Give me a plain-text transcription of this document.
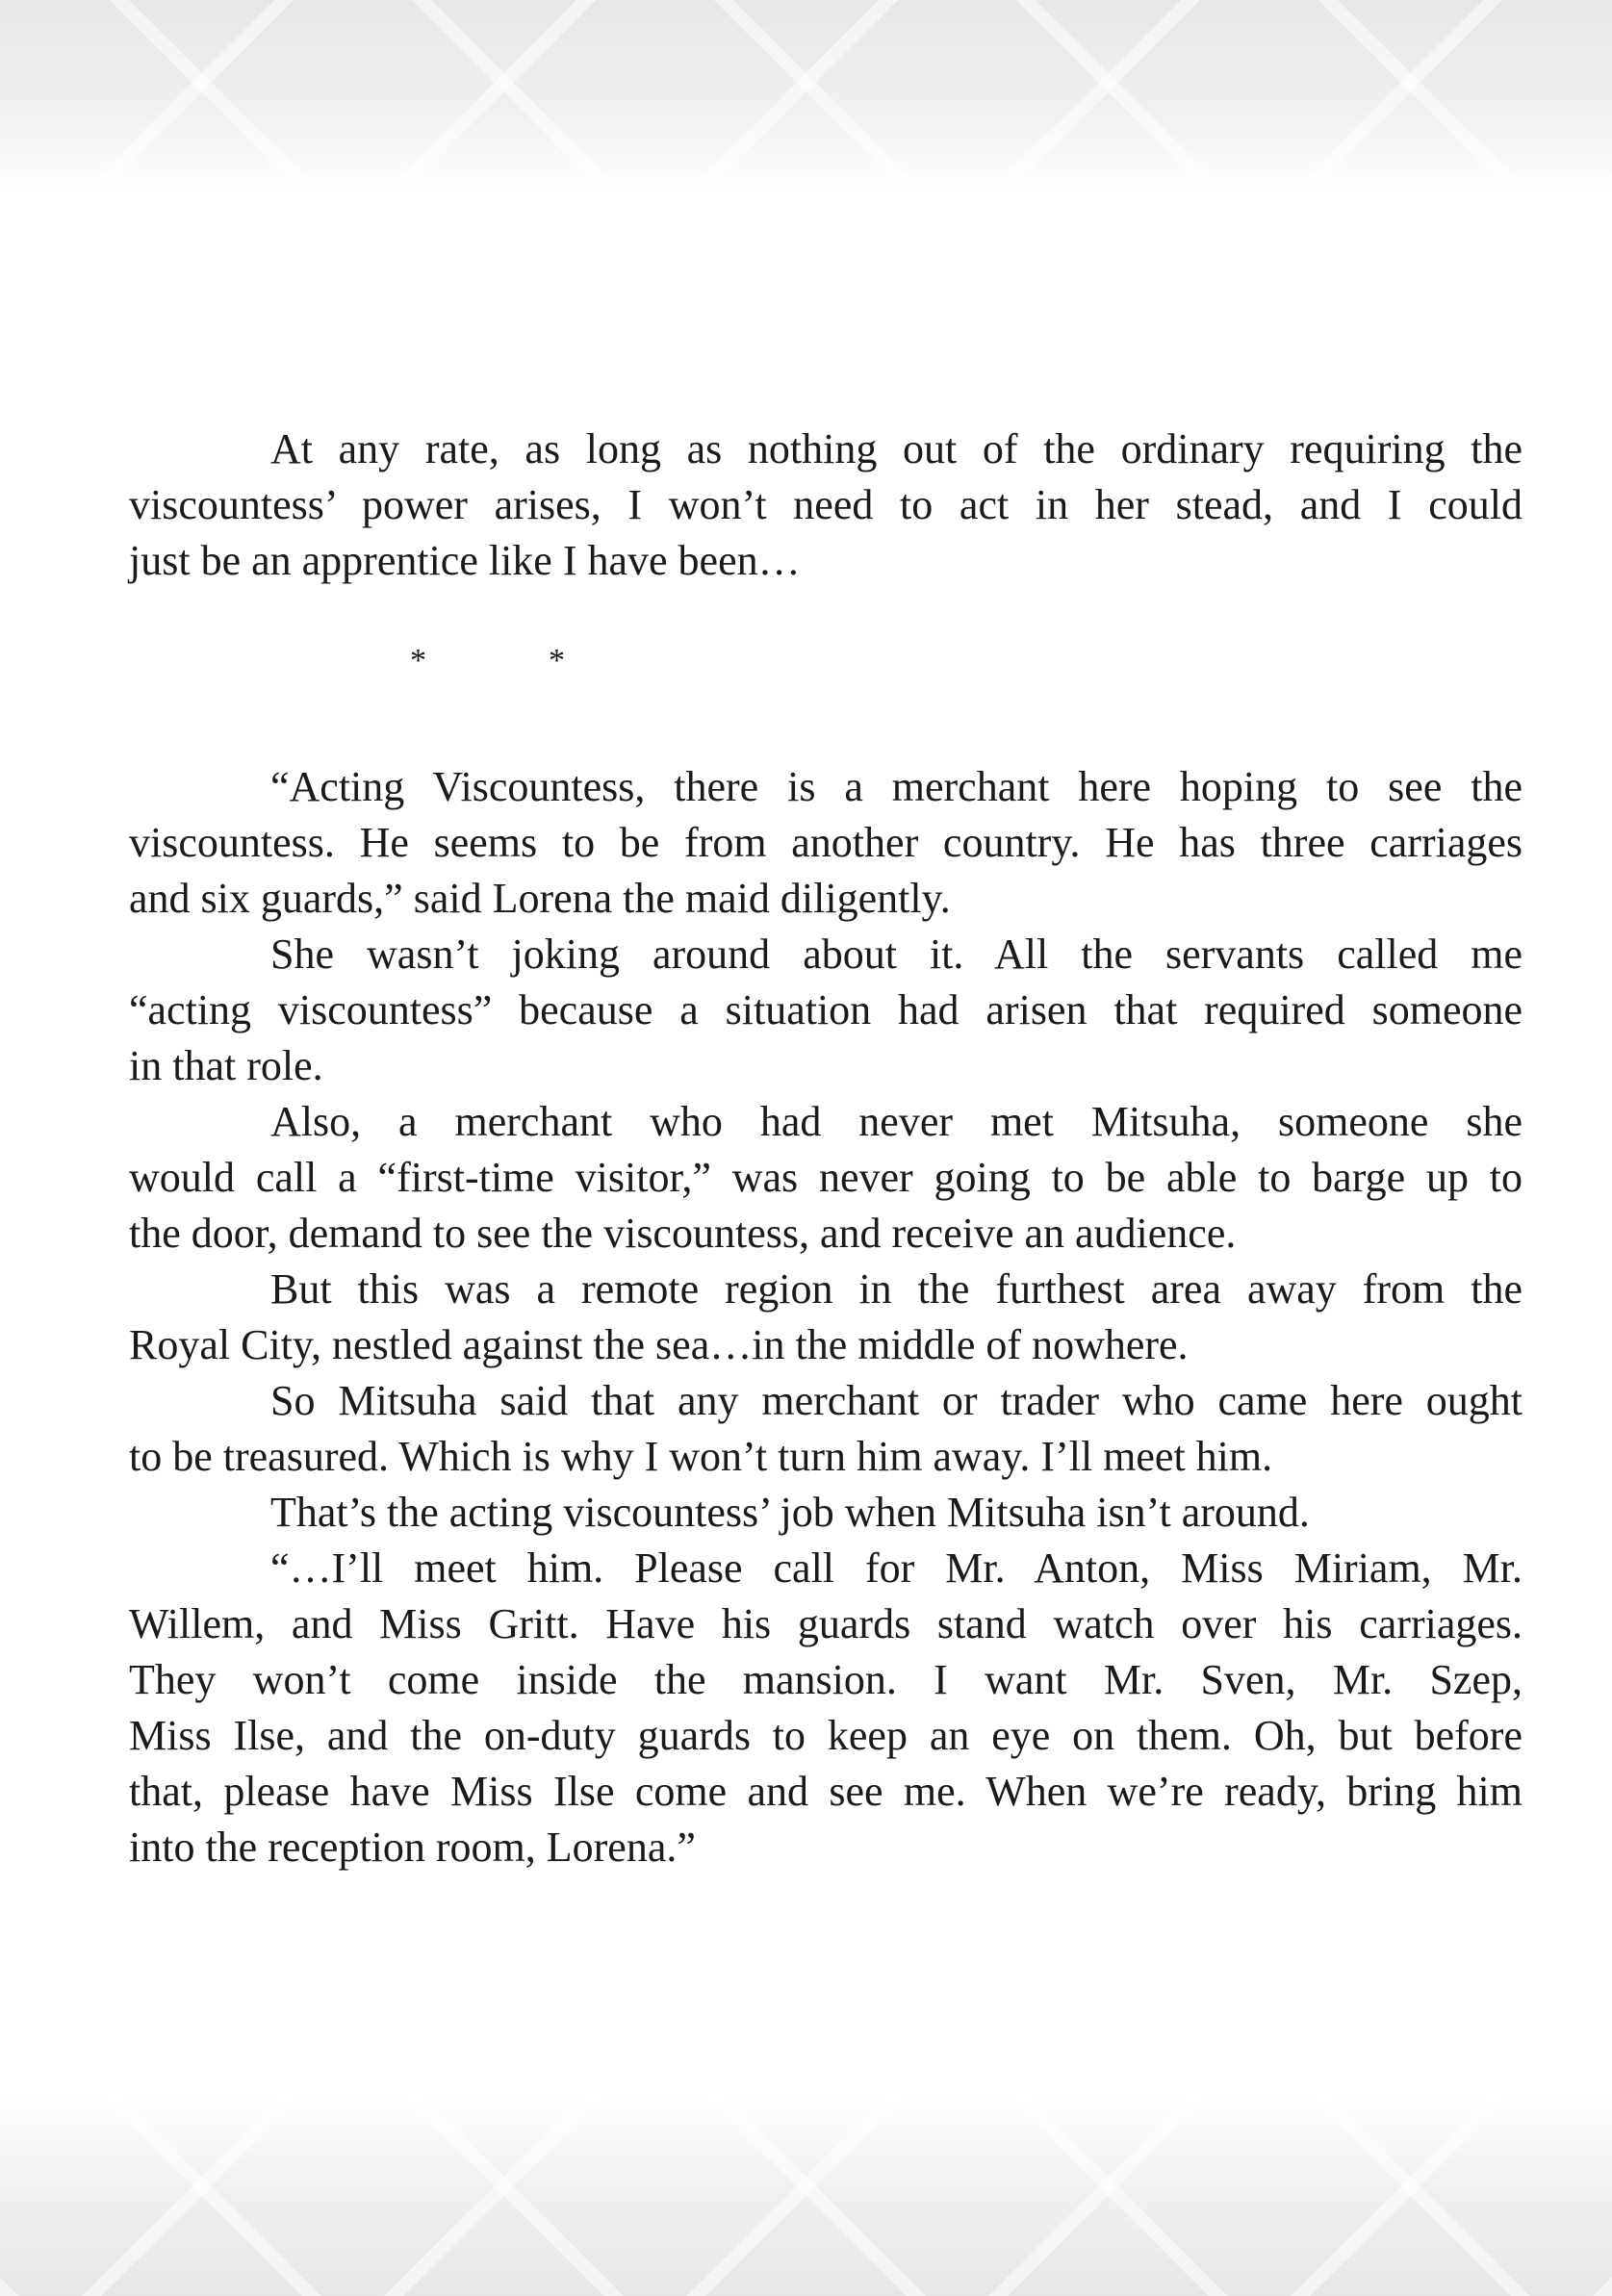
At any rate, as long as nothing out of the ordinary requiring the
viscountess’ power arises, I won’t need to act in her stead, and I could
just be an apprentice like I have been…
*	*
“Acting Viscountess, there is a merchant here hoping to see the
viscountess. He seems to be from another country. He has three carriages
and six guards,” said Lorena the maid diligently.
She wasn’t joking around about it. All the servants called me
“acting viscountess” because a situation had arisen that required someone
in that role.
Also, a merchant who had never met Mitsuha, someone she
would call a “first-time visitor,” was never going to be able to barge up to
the door, demand to see the viscountess, and receive an audience.
But this was a remote region in the furthest area away from the
Royal City, nestled against the sea…in the middle of nowhere.
So Mitsuha said that any merchant or trader who came here ought
to be treasured. Which is why I won’t turn him away. I’ll meet him.
That’s the acting viscountess’ job when Mitsuha isn’t around.
“…I’ll meet him. Please call for Mr. Anton, Miss Miriam, Mr.
Willem, and Miss Gritt. Have his guards stand watch over his carriages.
They won’t come inside the mansion. I want Mr. Sven, Mr. Szep,
Miss Ilse, and the on-duty guards to keep an eye on them. Oh, but before
that, please have Miss Ilse come and see me. When we’re ready, bring him
into the reception room, Lorena.”
